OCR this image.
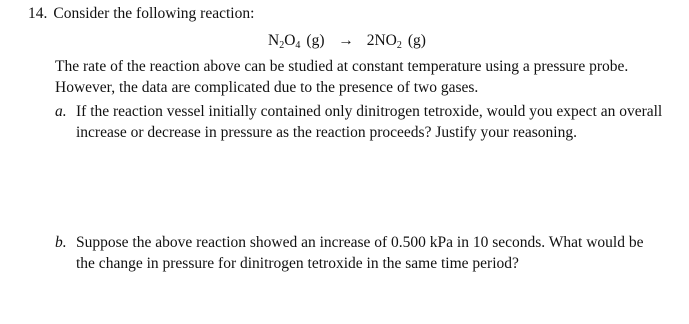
14. Consider the following reaction:
$N_2O_4$ $(g) \to 2NO_2$ (g)
The rate of the reaction above can be studied at constant temperature using a pressure probe. However, the data are complicated due to the presence of two gases.
a. If the reaction vessel initially contained only dinitrogen tetroxide, would you expect an overall increase or decrease in pressure as the reaction proceeds? Justify your reasoning.
b. Suppose the above reaction showed an increase of 0.500 kPa in 10 seconds. What would be the change in pressure for dinitrogen tetroxide in the same time period?
